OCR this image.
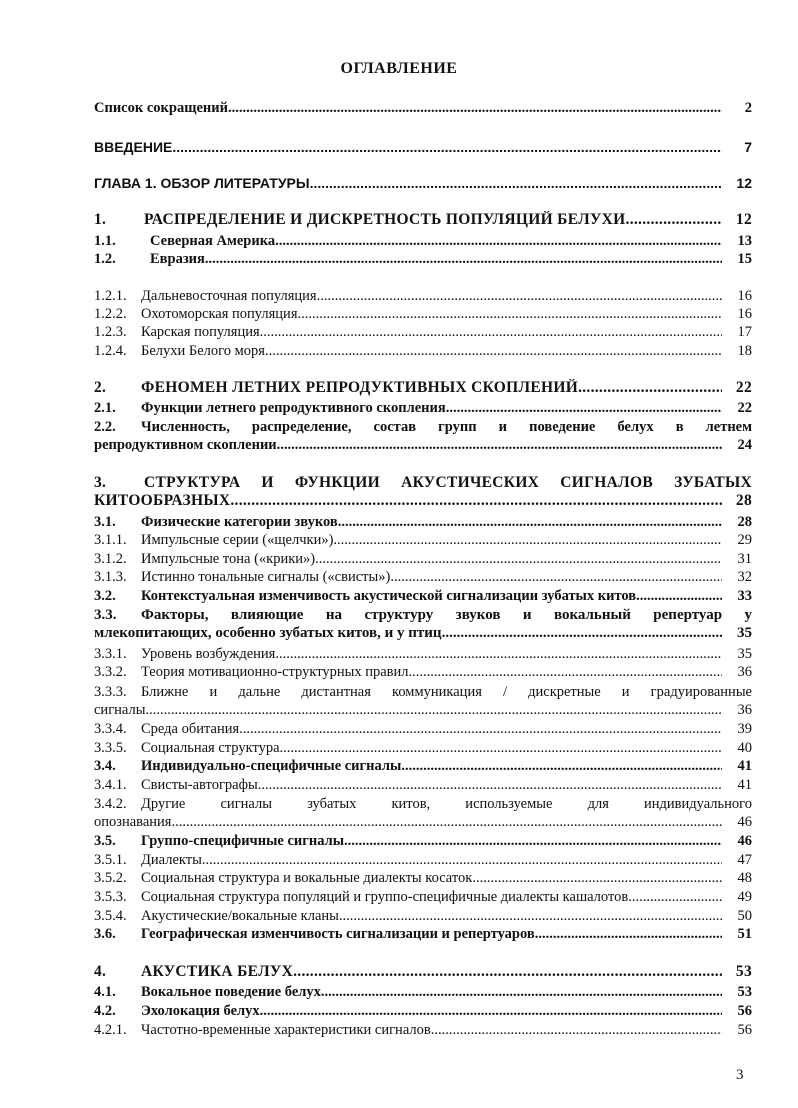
ОГЛАВЛЕНИЕ
Список сокращений .....	2
ВВЕДЕНИЕ .....	7
ГЛАВА 1. ОБЗОР ЛИТЕРАТУРЫ .....	12
1.	РАСПРЕДЕЛЕНИЕ И ДИСКРЕТНОСТЬ ПОПУЛЯЦИЙ БЕЛУХИ .....	12
1.1.	Северная Америка .....	13
1.2.	Евразия .....	15
1.2.1. Дальневосточная популяция .....	16
1.2.2. Охотоморская популяция .....	16
1.2.3. Карская популяция .....	17
1.2.4. Белухи Белого моря .....	18
2.	ФЕНОМЕН ЛЕТНИХ РЕПРОДУКТИВНЫХ СКОПЛЕНИЙ .....	22
2.1.	Функции летнего репродуктивного скопления .....	22
2.2.	Численность, распределение, состав групп и поведение белух в летнем
репродуктивном скоплении .....	24
3.	СТРУКТУРА И ФУНКЦИИ АКУСТИЧЕСКИХ СИГНАЛОВ ЗУБАТЫХ
КИТООБРАЗНЫХ .....	28
3.1.	Физические категории звуков .....	28
3.1.1. Импульсные серии («щелчки») .....	29
3.1.2. Импульсные тона («крики») .....	31
3.1.3. Истинно тональные сигналы («свисты») .....	32
3.2.	Контекстуальная изменчивость акустической сигнализации зубатых китов .....	33
3.3.	Факторы, влияющие на структуру звуков и вокальный репертуар у
млекопитающих, особенно зубатых китов, и у птиц .....	35
3.3.1. Уровень возбуждения .....	35
3.3.2. Теория мотивационно-структурных правил .....	36
3.3.3. Ближне и дальне дистантная коммуникация / дискретные и градуированные
сигналы .....	36
3.3.4. Среда обитания .....	39
3.3.5. Социальная структура .....	40
3.4.	Индивидуально-специфичные сигналы .....	41
3.4.1. Свисты-автографы .....	41
3.4.2. Другие сигналы зубатых китов, используемые для индивидуального
опознавания .....	46
3.5.	Группо-специфичные сигналы .....	46
3.5.1. Диалекты .....	47
3.5.2. Социальная структура и вокальные диалекты косаток .....	48
3.5.3. Социальная структура популяций и группо-специфичные диалекты кашалотов .....	49
3.5.4. Акустические/вокальные кланы .....	50
3.6.	Географическая изменчивость сигнализации и репертуаров .....	51
4.	АКУСТИКА БЕЛУХ .....	53
4.1.	Вокальное поведение белух .....	53
4.2.	Эхолокация белух .....	56
4.2.1. Частотно-временные характеристики сигналов .....	56
3
